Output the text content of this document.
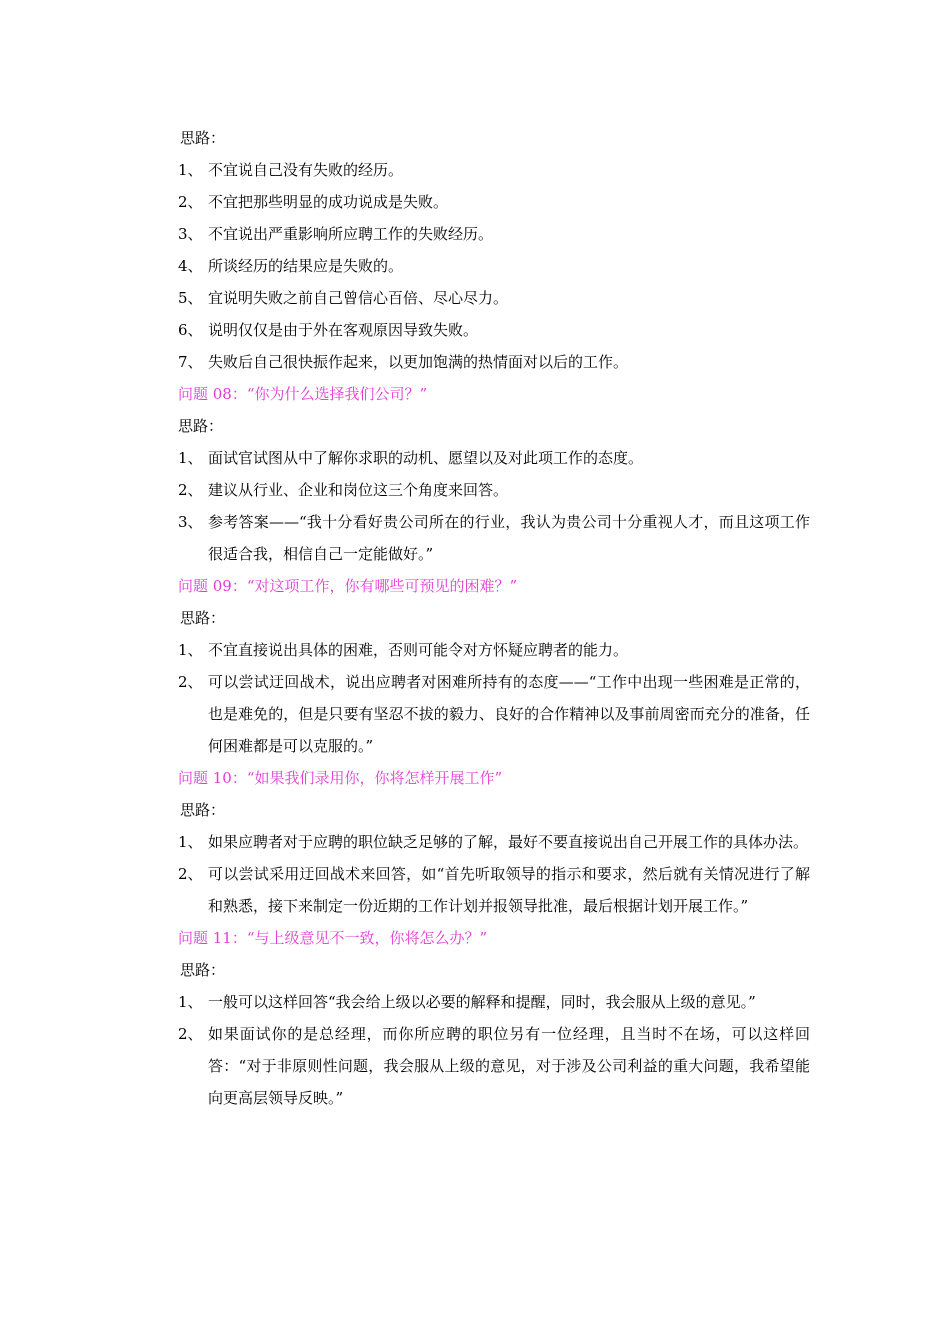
思路：
1、 不宜说自己没有失败的经历。
2、 不宜把那些明显的成功说成是失败。
3、 不宜说出严重影响所应聘工作的失败经历。
4、 所谈经历的结果应是失败的。
5、 宜说明失败之前自己曾信心百倍、尽心尽力。
6、 说明仅仅是由于外在客观原因导致失败。
7、 失败后自己很快振作起来，以更加饱满的热情面对以后的工作。
问题 08：“你为什么选择我们公司？”
思路：
1、 面试官试图从中了解你求职的动机、愿望以及对此项工作的态度。
2、 建议从行业、企业和岗位这三个角度来回答。
3、 参考答案——“我十分看好贵公司所在的行业，我认为贵公司十分重视人才，而且这项工作很适合我，相信自己一定能做好。”
问题 09：“对这项工作，你有哪些可预见的困难？”
思路：
1、 不宜直接说出具体的困难，否则可能令对方怀疑应聘者的能力。
2、 可以尝试迂回战术，说出应聘者对困难所持有的态度——“工作中出现一些困难是正常的，也是难免的，但是只要有坚忍不拔的毅力、良好的合作精神以及事前周密而充分的准备，任何困难都是可以克服的。”
问题 10：“如果我们录用你，你将怎样开展工作”
思路：
1、 如果应聘者对于应聘的职位缺乏足够的了解，最好不要直接说出自己开展工作的具体办法。
2、 可以尝试采用迂回战术来回答，如“首先听取领导的指示和要求，然后就有关情况进行了解和熟悉，接下来制定一份近期的工作计划并报领导批准，最后根据计划开展工作。”
问题 11：“与上级意见不一致，你将怎么办？”
思路：
1、 一般可以这样回答“我会给上级以必要的解释和提醒，同时，我会服从上级的意见。”
2、 如果面试你的是总经理，而你所应聘的职位另有一位经理，且当时不在场，可以这样回答：“对于非原则性问题，我会服从上级的意见，对于涉及公司利益的重大问题，我希望能向更高层领导反映。”
